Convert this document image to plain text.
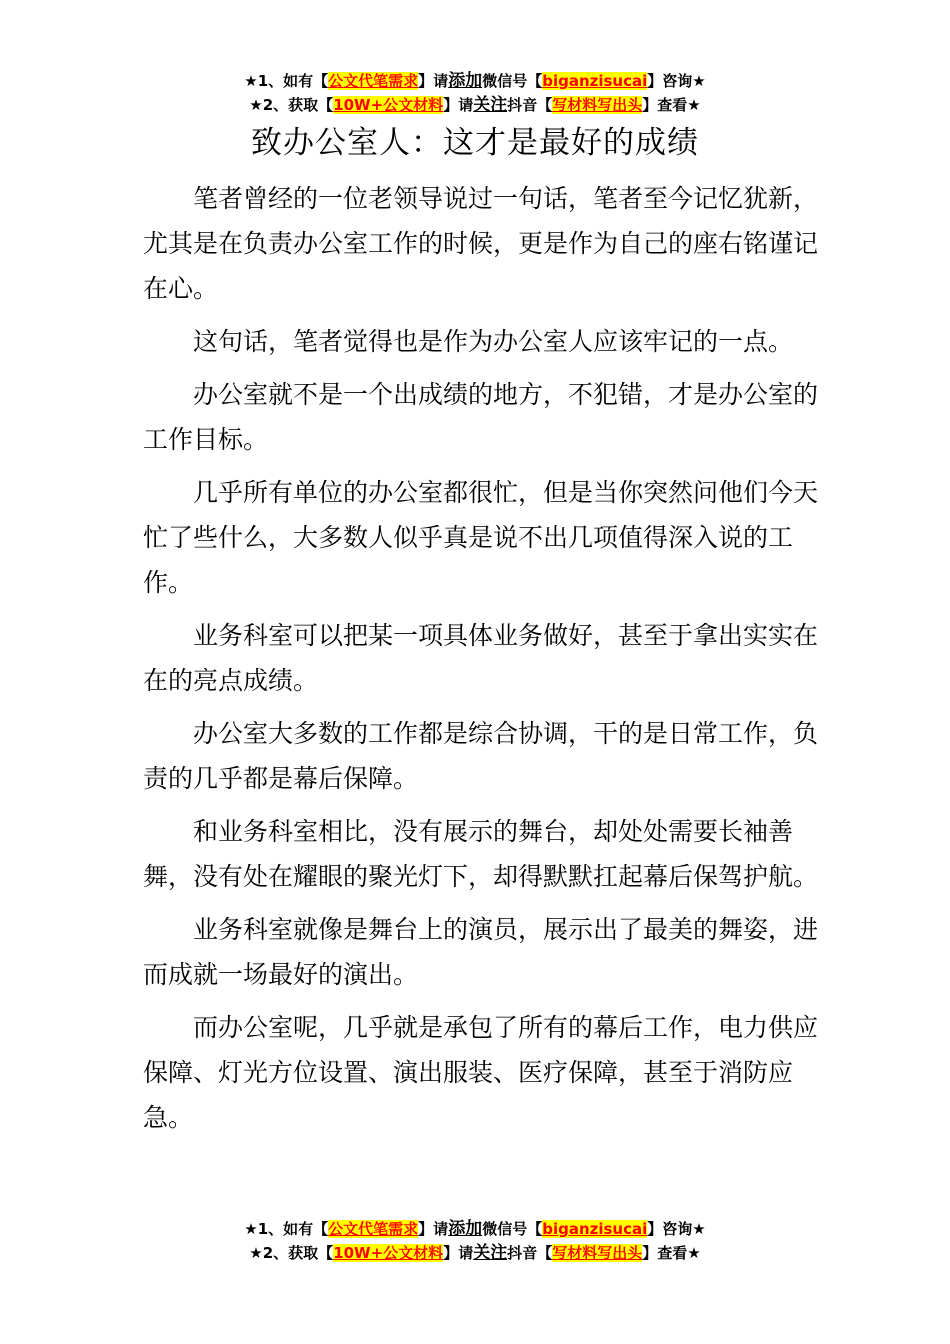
★1、如有【公文代笔需求】请添加微信号【biganzisucai】咨询★
★2、获取【10W+公文材料】请关注抖音【写材料写出头】查看★
致办公室人：这才是最好的成绩

笔者曾经的一位老领导说过一句话，笔者至今记忆犹新，尤其是在负责办公室工作的时候，更是作为自己的座右铭谨记在心。

这句话，笔者觉得也是作为办公室人应该牢记的一点。

办公室就不是一个出成绩的地方，不犯错，才是办公室的工作目标。

几乎所有单位的办公室都很忙，但是当你突然问他们今天忙了些什么，大多数人似乎真是说不出几项值得深入说的工作。

业务科室可以把某一项具体业务做好，甚至于拿出实实在在的亮点成绩。

办公室大多数的工作都是综合协调，干的是日常工作，负责的几乎都是幕后保障。

和业务科室相比，没有展示的舞台，却处处需要长袖善舞，没有处在耀眼的聚光灯下，却得默默扛起幕后保驾护航。

业务科室就像是舞台上的演员，展示出了最美的舞姿，进而成就一场最好的演出。

而办公室呢，几乎就是承包了所有的幕后工作，电力供应保障、灯光方位设置、演出服装、医疗保障，甚至于消防应急。

★1、如有【公文代笔需求】请添加微信号【biganzisucai】咨询★
★2、获取【10W+公文材料】请关注抖音【写材料写出头】查看★
